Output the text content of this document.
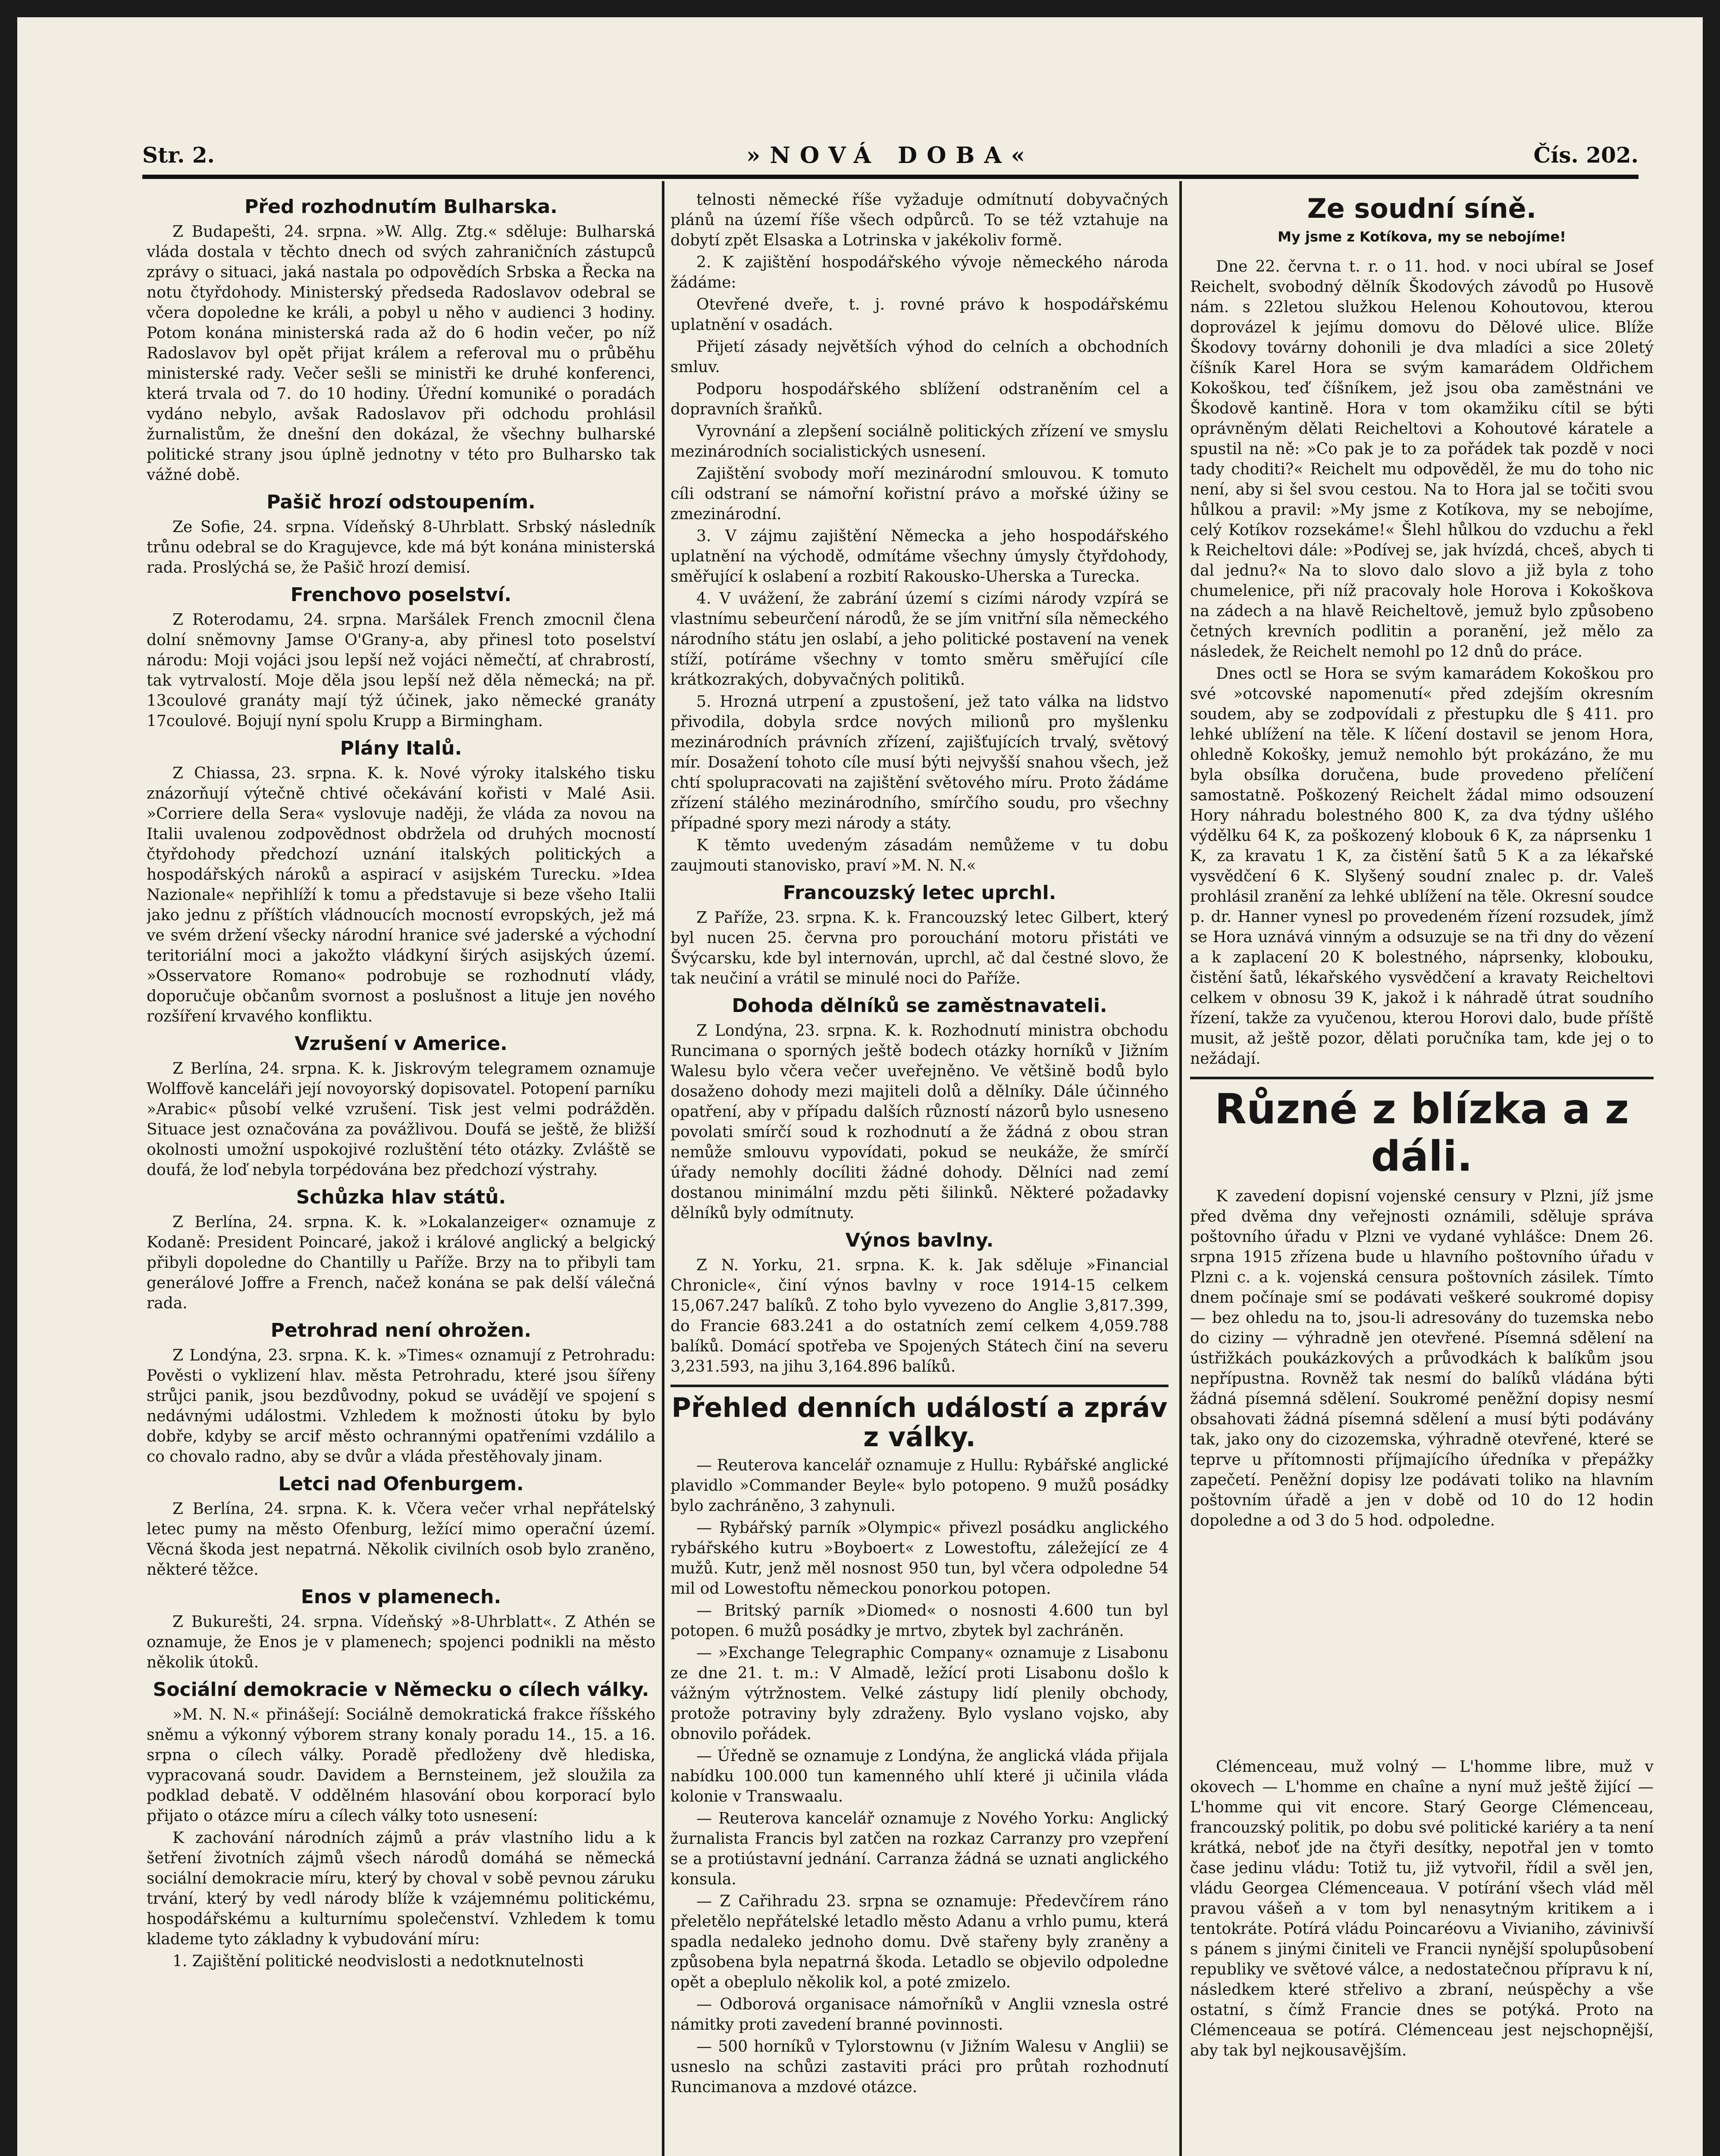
Str. 2.	»NOVÁ DOBA«	Čís. 202.
Před rozhodnutím Bulharska.

Z Budapešti, 24. srpna. »W. Allg. Ztg.« sděluje: Bulharská vláda dostala v těchto dnech od svých zahraničních zástupců zprávy o situaci, jaká nastala po odpovědích Srbska a Řecka na notu čtyřdohody. Ministerský předseda Radoslavov odebral se včera dopoledne ke králi, a pobyl u něho v audienci 3 hodiny. Potom konána ministerská rada až do 6 hodin večer, po níž Radoslavov byl opět přijat králem a referoval mu o průběhu ministerské rady. Večer sešli se ministři ke druhé konferenci, která trvala od 7. do 10 hodiny. Úřední komuniké o poradách vydáno nebylo, avšak Radoslavov při odchodu prohlásil žurnalistům, že dnešní den dokázal, že všechny bulharské politické strany jsou úplně jednotny v této pro Bulharsko tak vážné době.

Pašič hrozí odstoupením.

Ze Sofie, 24. srpna. Vídeňský 8-Uhrblatt. Srbský následník trůnu odebral se do Kragujevce, kde má být konána ministerská rada. Proslýchá se, že Pašič hrozí demisí.

Frenchovo poselství.

Z Roterodamu, 24. srpna. Maršálek French zmocnil člena dolní sněmovny Jamse O'Grany-a, aby přinesl toto poselství národu: Moji vojáci jsou lepší než vojáci němečtí, ať chrabrostí, tak vytrvalostí. Moje děla jsou lepší než děla německá; na př. 13coulové granáty mají týž účinek, jako německé granáty 17coulové. Bojují nyní spolu Krupp a Birmingham.

Plány Italů.

Z Chiassa, 23. srpna. K. k. Nové výroky italského tisku znázorňují výtečně chtivé očekávání kořisti v Malé Asii. »Corriere della Sera« vyslovuje naději, že vláda za novou na Italii uvalenou zodpovědnost obdržela od druhých mocností čtyřdohody předchozí uznání italských politických a hospodářských nároků a aspirací v asijském Turecku. »Idea Nazionale« nepřihlíží k tomu a představuje si beze všeho Italii jako jednu z příštích vládnoucích mocností evropských, jež má ve svém držení všecky národní hranice své jaderské a východní teritoriální moci a jakožto vládkyní širých asijských území. »Osservatore Romano« podrobuje se rozhodnutí vlády, doporučuje občanům svornost a poslušnost a lituje jen nového rozšíření krvavého konfliktu.

Vzrušení v Americe.

Z Berlína, 24. srpna. K. k. Jiskrovým telegramem oznamuje Wolffově kanceláři její novoyorský dopisovatel. Potopení parníku »Arabic« působí velké vzrušení. Tisk jest velmi podrážděn. Situace jest označována za povážlivou. Doufá se ještě, že bližší okolnosti umožní uspokojivé rozluštění této otázky. Zvláště se doufá, že loď nebyla torpédována bez předchozí výstrahy.

Schůzka hlav států.

Z Berlína, 24. srpna. K. k. »Lokalanzeiger« oznamuje z Kodaně: President Poincaré, jakož i králové anglický a belgický přibyli dopoledne do Chantilly u Paříže. Brzy na to přibyli tam generálové Joffre a French, načež konána se pak delší válečná rada.

Petrohrad není ohrožen.

Z Londýna, 23. srpna. K. k. »Times« oznamují z Petrohradu: Pověsti o vyklizení hlav. města Petrohradu, které jsou šířeny strůjci panik, jsou bezdůvodny, pokud se uvádějí ve spojení s nedávnými událostmi. Vzhledem k možnosti útoku by bylo dobře, kdyby se arcif město ochrannými opatřeními vzdálilo a co chovalo radno, aby se dvůr a vláda přestěhovaly jinam.

Letci nad Ofenburgem.

Z Berlína, 24. srpna. K. k. Včera večer vrhal nepřátelský letec pumy na město Ofenburg, ležící mimo operační území. Věcná škoda jest nepatrná. Několik civilních osob bylo zraněno, některé těžce.

Enos v plamenech.

Z Bukurešti, 24. srpna. Vídeňský »8-Uhrblatt«. Z Athén se oznamuje, že Enos je v plamenech; spojenci podnikli na město několik útoků.

Sociální demokracie v Německu o cílech války.

»M. N. N.« přinášejí: Sociálně demokratická frakce říšského sněmu a výkonný výborem strany konaly poradu 14., 15. a 16. srpna o cílech války. Poradě předloženy dvě hlediska, vypracovaná soudr. Davidem a Bernsteinem, jež sloužila za podklad debatě. V oddělném hlasování obou korporací bylo přijato o otázce míru a cílech války toto usnesení:

K zachování národních zájmů a práv vlastního lidu a k šetření životních zájmů všech národů domáhá se německá sociální demokracie míru, který by choval v sobě pevnou záruku trvání, který by vedl národy blíže k vzájemnému politickému, hospodářskému a kulturnímu společenství. Vzhledem k tomu klademe tyto základny k vybudování míru:

1. Zajištění politické neodvislosti a nedotknutelnosti

telnosti německé říše vyžaduje odmítnutí dobyvačných plánů na území říše všech odpůrců. To se též vztahuje na dobytí zpět Elsaska a Lotrinska v jakékoliv formě.

2. K zajištění hospodářského vývoje německého národa žádáme:

Otevřené dveře, t. j. rovné právo k hospodářskému uplatnění v osadách.

Přijetí zásady největších výhod do celních a obchodních smluv.

Podporu hospodářského sblížení odstraněním cel a dopravních šraňků.

Vyrovnání a zlepšení sociálně politických zřízení ve smyslu mezinárodních socialistických usnesení.

Zajištění svobody moří mezinárodní smlouvou. K tomuto cíli odstraní se námořní kořistní právo a mořské úžiny se zmezinárodní.

3. V zájmu zajištění Německa a jeho hospodářského uplatnění na východě, odmítáme všechny úmysly čtyřdohody, směřující k oslabení a rozbití Rakousko-Uherska a Turecka.

4. V uvážení, že zabrání území s cizími národy vzpírá se vlastnímu sebeurčení národů, že se jím vnitřní síla německého národního státu jen oslabí, a jeho politické postavení na venek stíží, potíráme všechny v tomto směru směřující cíle krátkozrakých, dobyvačných politiků.

5. Hrozná utrpení a zpustošení, jež tato válka na lidstvo přivodila, dobyla srdce nových milionů pro myšlenku mezinárodních právních zřízení, zajišťujících trvalý, světový mír. Dosažení tohoto cíle musí býti nejvyšší snahou všech, jež chtí spolupracovati na zajištění světového míru. Proto žádáme zřízení stálého mezinárodního, smírčího soudu, pro všechny případné spory mezi národy a státy.

K těmto uvedeným zásadám nemůžeme v tu dobu zaujmouti stanovisko, praví »M. N. N.«

Francouzský letec uprchl.

Z Paříže, 23. srpna. K. k. Francouzský letec Gilbert, který byl nucen 25. června pro porouchání motoru přistáti ve Švýcarsku, kde byl internován, uprchl, ač dal čestné slovo, že tak neučiní a vrátil se minulé noci do Paříže.

Dohoda dělníků se zaměstnavateli.

Z Londýna, 23. srpna. K. k. Rozhodnutí ministra obchodu Runcimana o sporných ještě bodech otázky horníků v Jižním Walesu bylo včera večer uveřejněno. Ve většině bodů bylo dosaženo dohody mezi majiteli dolů a dělníky. Dále účinného opatření, aby v případu dalších růzností názorů bylo usneseno povolati smírčí soud k rozhodnutí a že žádná z obou stran nemůže smlouvu vypovídati, pokud se neukáže, že smírčí úřady nemohly docíliti žádné dohody. Dělníci nad zemí dostanou minimální mzdu pěti šilinků. Některé požadavky dělníků byly odmítnuty.

Výnos bavlny.

Z N. Yorku, 21. srpna. K. k. Jak sděluje »Financial Chronicle«, činí výnos bavlny v roce 1914-15 celkem 15,067.247 balíků. Z toho bylo vyvezeno do Anglie 3,817.399, do Francie 683.241 a do ostatních zemí celkem 4,059.788 balíků. Domácí spotřeba ve Spojených Státech činí na severu 3,231.593, na jihu 3,164.896 balíků.

Přehled denních událostí a zpráv z války.

— Reuterova kancelář oznamuje z Hullu: Rybářské anglické plavidlo »Commander Beyle« bylo potopeno. 9 mužů posádky bylo zachráněno, 3 zahynuli.

— Rybářský parník »Olympic« přivezl posádku anglického rybářského kutru »Boyboert« z Lowestoftu, záležející ze 4 mužů. Kutr, jenž měl nosnost 950 tun, byl včera odpoledne 54 mil od Lowestoftu německou ponorkou potopen.

— Britský parník »Diomed« o nosnosti 4.600 tun byl potopen. 6 mužů posádky je mrtvo, zbytek byl zachráněn.

— »Exchange Telegraphic Company« oznamuje z Lisabonu ze dne 21. t. m.: V Almadě, ležící proti Lisabonu došlo k vážným výtržnostem. Velké zástupy lidí plenily obchody, protože potraviny byly zdraženy. Bylo vyslano vojsko, aby obnovilo pořádek.

— Úředně se oznamuje z Londýna, že anglická vláda přijala nabídku 100.000 tun kamenného uhlí které ji učinila vláda kolonie v Transwaalu.

— Reuterova kancelář oznamuje z Nového Yorku: Anglický žurnalista Francis byl zatčen na rozkaz Carranzy pro vzepření se a protiústavní jednání. Carranza žádná se uznati anglického konsula.

— Z Cařihradu 23. srpna se oznamuje: Předevčírem ráno přeletělo nepřátelské letadlo město Adanu a vrhlo pumu, která spadla nedaleko jednoho domu. Dvě stařeny byly zraněny a způsobena byla nepatrná škoda. Letadlo se objevilo odpoledne opět a obeplulo několik kol, a poté zmizelo.

— Odborová organisace námořníků v Anglii vznesla ostré námitky proti zavedení branné povinnosti.

— 500 horníků v Tylorstownu (v Jižním Walesu v Anglii) se usneslo na schůzi zastaviti práci pro průtah rozhodnutí Runcimanova a mzdové otázce.

Ze soudní síně.
My jsme z Kotíkova, my se nebojíme!

Dne 22. června t. r. o 11. hod. v noci ubíral se Josef Reichelt, svobodný dělník Škodových závodů po Husově nám. s 22letou služkou Helenou Kohoutovou, kterou doprovázel k jejímu domovu do Dělové ulice. Blíže Škodovy továrny dohonili je dva mladíci a sice 20letý číšník Karel Hora se svým kamarádem Oldřichem Kokoškou, teď číšníkem, jež jsou oba zaměstnáni ve Škodově kantině. Hora v tom okamžiku cítil se býti oprávněným dělati Reicheltovi a Kohoutové káratele a spustil na ně: »Co pak je to za pořádek tak pozdě v noci tady choditi?« Reichelt mu odpověděl, že mu do toho nic není, aby si šel svou cestou. Na to Hora jal se točiti svou hůlkou a pravil: »My jsme z Kotíkova, my se nebojíme, celý Kotíkov rozsekáme!« Šlehl hůlkou do vzduchu a řekl k Reicheltovi dále: »Podívej se, jak hvízdá, chceš, abych ti dal jednu?« Na to slovo dalo slovo a již byla z toho chumelenice, při níž pracovaly hole Horova i Kokoškova na zádech a na hlavě Reicheltově, jemuž bylo způsobeno četných krevních podlitin a poranění, jež mělo za následek, že Reichelt nemohl po 12 dnů do práce.

Dnes octl se Hora se svým kamarádem Kokoškou pro své »otcovské napomenutí« před zdejším okresním soudem, aby se zodpovídali z přestupku dle § 411. pro lehké ublížení na těle. K líčení dostavil se jenom Hora, ohledně Kokošky, jemuž nemohlo být prokázáno, že mu byla obsílka doručena, bude provedeno přelíčení samostatně. Poškozený Reichelt žádal mimo odsouzení Hory náhradu bolestného 800 K, za dva týdny ušlého výdělku 64 K, za poškozený klobouk 6 K, za náprsenku 1 K, za kravatu 1 K, za čistění šatů 5 K a za lékařské vysvědčení 6 K. Slyšený soudní znalec p. dr. Valeš prohlásil zranění za lehké ublížení na těle. Okresní soudce p. dr. Hanner vynesl po provedeném řízení rozsudek, jímž se Hora uznává vinným a odsuzuje se na tři dny do vězení a k zaplacení 20 K bolestného, náprsenky, klobouku, čistění šatů, lékařského vysvědčení a kravaty Reicheltovi celkem v obnosu 39 K, jakož i k náhradě útrat soudního řízení, takže za vyučenou, kterou Horovi dalo, bude příště musit, až ještě pozor, dělati poručníka tam, kde jej o to nežádají.

Různé z blízka a z dáli.

K zavedení dopisní vojenské censury v Plzni, jíž jsme před dvěma dny veřejnosti oznámili, sděluje správa poštovního úřadu v Plzni ve vydané vyhlášce: Dnem 26. srpna 1915 zřízena bude u hlavního poštovního úřadu v Plzni c. a k. vojenská censura poštovních zásilek. Tímto dnem počínaje smí se podávati veškeré soukromé dopisy — bez ohledu na to, jsou-li adresovány do tuzemska nebo do ciziny — výhradně jen otevřené. Písemná sdělení na ústřižkách poukázkových a průvodkách k balíkům jsou nepřípustna. Rovněž tak nesmí do balíků vládána býti žádná písemná sdělení. Soukromé peněžní dopisy nesmí obsahovati žádná písemná sdělení a musí býti podávány tak, jako ony do cizozemska, výhradně otevřené, které se teprve u přítomnosti příjmajícího úředníka v přepážky zapečetí. Peněžní dopisy lze podávati toliko na hlavním poštovním úřadě a jen v době od 10 do 12 hodin dopoledne a od 3 do 5 hod. odpoledne.

Clémenceau, muž volný — L'homme libre, muž v okovech — L'homme en chaîne a nyní muž ještě žijící — L'homme qui vit encore. Starý George Clémenceau, francouzský politik, po dobu své politické kariéry a ta není krátká, neboť jde na čtyři desítky, nepotřal jen v tomto čase jedinu vládu: Totiž tu, již vytvořil, řídil a svěl jen, vládu Georgea Clémenceaua. V potírání všech vlád měl pravou vášeň a v tom byl nenasytným kritikem a i tentokráte. Potírá vládu Poincaréovu a Vivianiho, závinivší s pánem s jinými činiteli ve Francii nynější spolupůsobení republiky ve světové válce, a nedostatečnou přípravu k ní, následkem které střelivo a zbraní, neúspěchy a vše ostatní, s čímž Francie dnes se potýká. Proto na Clémenceaua se potírá. Clémenceau jest nejschopnější, aby tak byl nejkousavějším.
